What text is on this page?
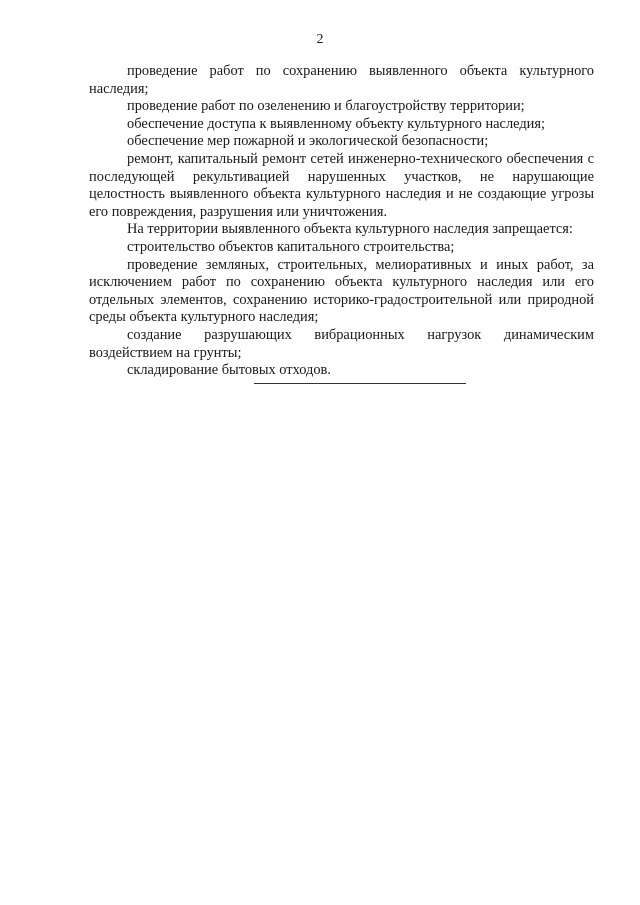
2

проведение работ по сохранению выявленного объекта культурного наследия;

проведение работ по озеленению и благоустройству территории;

обеспечение доступа к выявленному объекту культурного наследия;

обеспечение мер пожарной и экологической безопасности;

ремонт, капитальный ремонт сетей инженерно-технического обеспечения с последующей рекультивацией нарушенных участков, не нарушающие целостность выявленного объекта культурного наследия и не создающие угрозы его повреждения, разрушения или уничтожения.

На территории выявленного объекта культурного наследия запрещается:

строительство объектов капитального строительства;

проведение земляных, строительных, мелиоративных и иных работ, за исключением работ по сохранению объекта культурного наследия или его отдельных элементов, сохранению историко-градостроительной или природной среды объекта культурного наследия;

создание разрушающих вибрационных нагрузок динамическим воздействием на грунты;

складирование бытовых отходов.
